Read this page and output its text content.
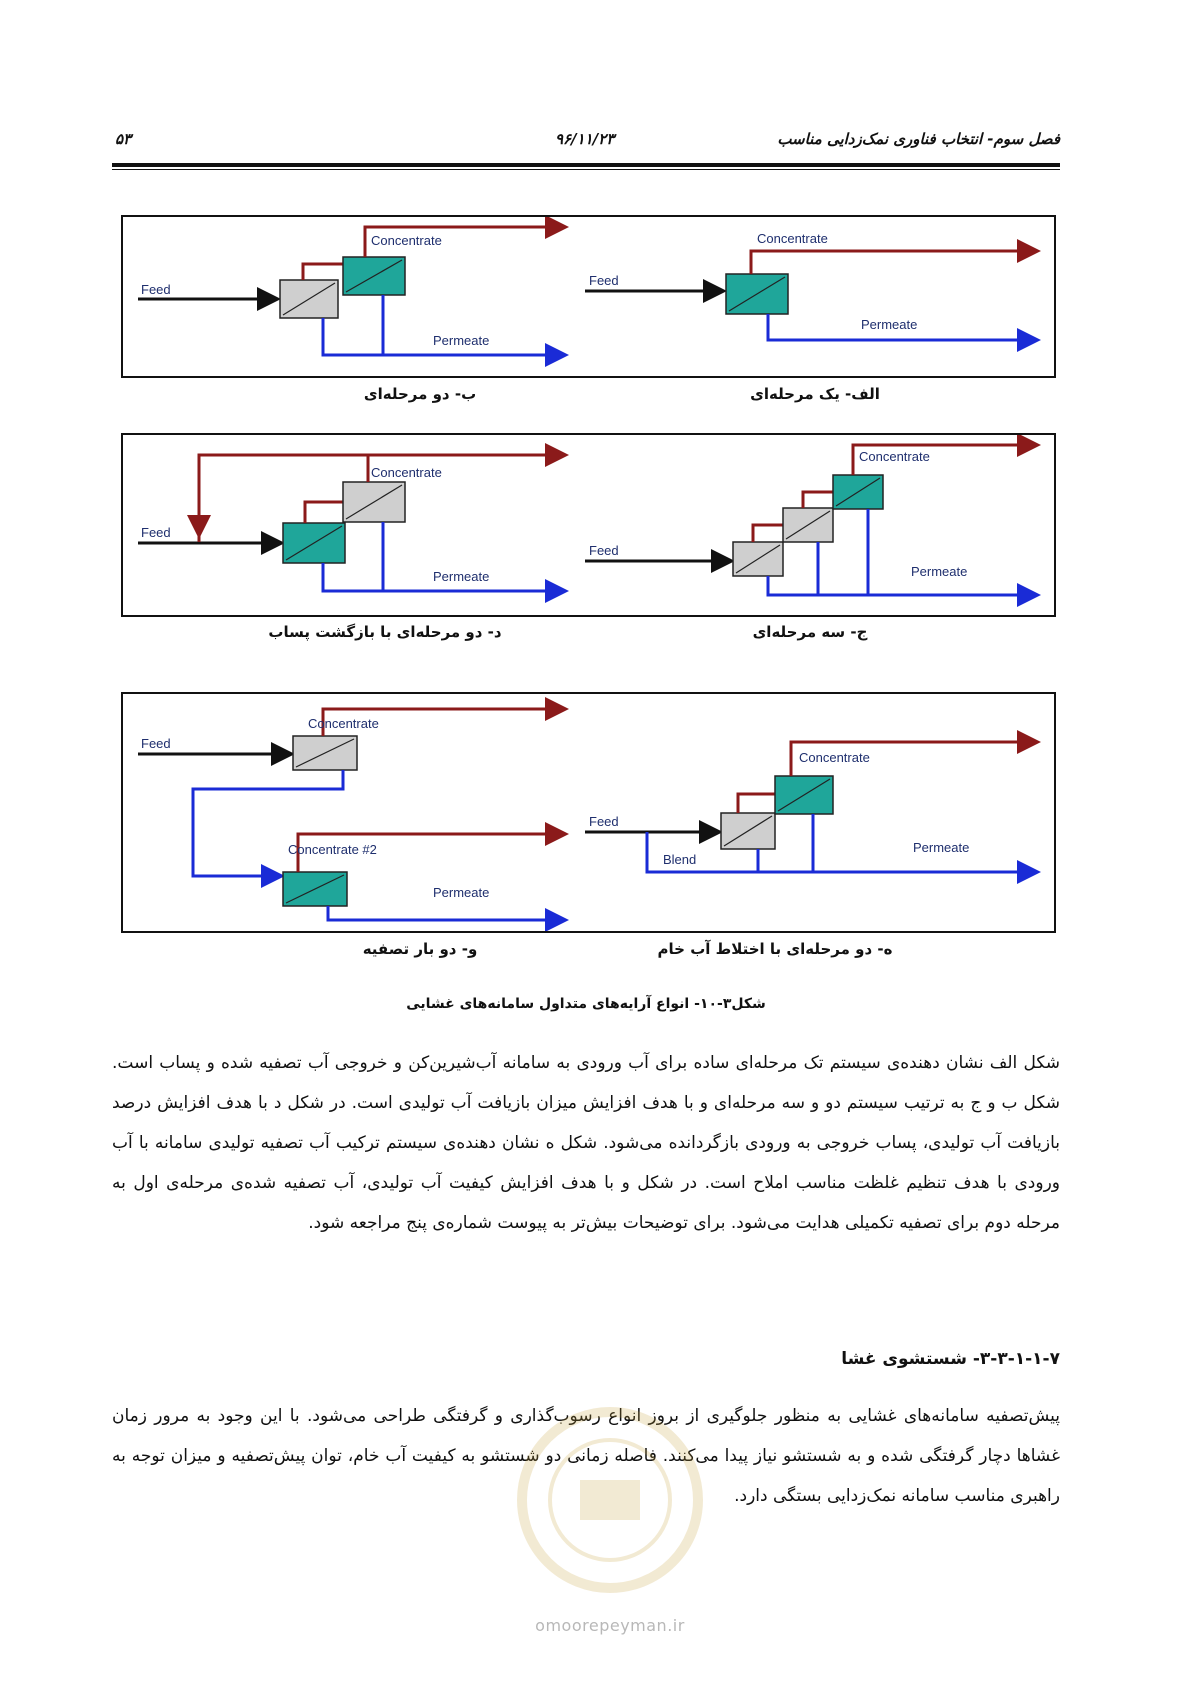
فصل سوم- انتخاب فناوری نمک‌زدایی مناسب
۹۶/۱۱/۲۳
۵۳
Feed
Concentrate
Permeate
Feed
Concentrate
Permeate
ب- دو مرحله‌ای	الف- یک مرحله‌ای
Feed
Concentrate
Permeate
Feed
Concentrate
Permeate
د- دو مرحله‌ای با بازگشت پساب	ج- سه مرحله‌ای
Feed
Concentrate
Concentrate #2
Permeate
Feed
Concentrate
Blend
Permeate
و- دو بار تصفیه	ه- دو مرحله‌ای با اختلاط آب خام
شکل۳-۱۰- انواع آرایه‌های متداول سامانه‌های غشایی
شکل الف نشان دهنده‌ی سیستم تک مرحله‌ای ساده برای آب ورودی به سامانه آب‌شیرین‌کن و خروجی آب تصفیه شده و پساب است. شکل ب و ج به ترتیب سیستم دو و سه مرحله‌ای و با هدف افزایش میزان بازیافت آب تولیدی است. در شکل د با هدف افزایش درصد بازیافت آب تولیدی، پساب خروجی به ورودی بازگردانده می‌شود. شکل ه نشان دهنده‌ی سیستم ترکیب آب تصفیه تولیدی سامانه با آب ورودی با هدف تنظیم غلظت مناسب املاح است. در شکل و با هدف افزایش کیفیت آب تولیدی، آب تصفیه شده‌ی مرحله‌ی اول به مرحله دوم برای تصفیه تکمیلی هدایت می‌شود. برای توضیحات بیش‌تر به پیوست شماره‌ی پنج مراجعه شود.
۳-۳-۱-۱-۷- شستشوی غشا
پیش‌تصفیه سامانه‌های غشایی به منظور جلوگیری از بروز انواع رسوب‌گذاری و گرفتگی طراحی می‌شود. با این وجود به مرور زمان غشاها دچار گرفتگی شده و به شستشو نیاز پیدا می‌کنند. فاصله زمانی دو شستشو به کیفیت آب خام، توان پیش‌تصفیه و میزان توجه به راهبری مناسب سامانه نمک‌زدایی بستگی دارد.
omoorepeyman.ir
